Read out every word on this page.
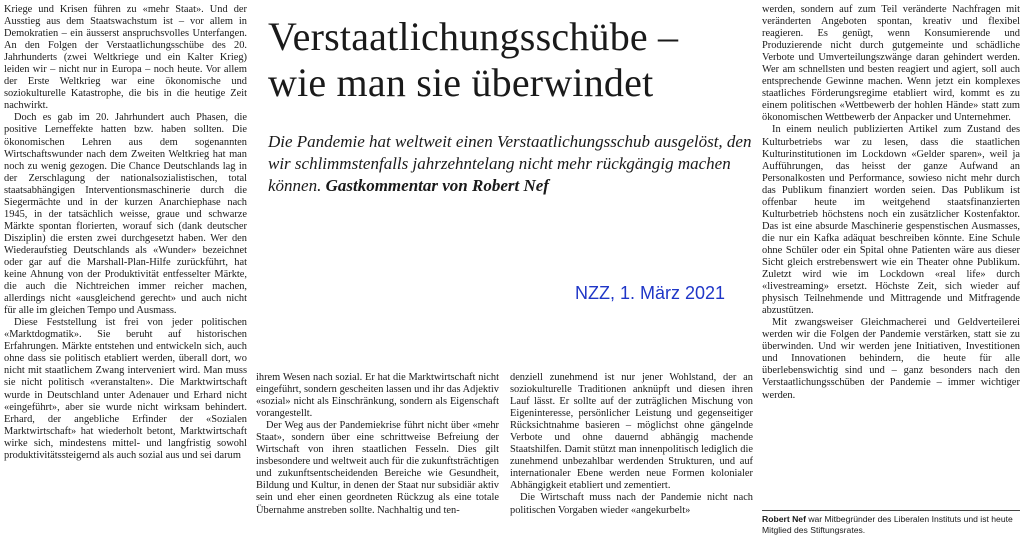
Kriege und Krisen führen zu «mehr Staat». Und der Ausstieg aus dem Staatswachstum ist – vor allem in Demokratien – ein äusserst anspruchsvolles Unterfangen. An den Folgen der Verstaatlichungsschübe des 20. Jahrhunderts (zwei Weltkriege und ein Kalter Krieg) leiden wir – nicht nur in Europa – noch heute. Vor allem der Erste Weltkrieg war eine ökonomische und soziokulturelle Katastrophe, die bis in die heutige Zeit nachwirkt.

Doch es gab im 20. Jahrhundert auch Phasen, die positive Lerneffekte hatten bzw. haben sollten. Die ökonomischen Lehren aus dem sogenannten Wirtschaftswunder nach dem Zweiten Weltkrieg hat man noch zu wenig gezogen. Die Chance Deutschlands lag in der Zerschlagung der nationalsozialistischen, total staatsabhängigen Interventionsmaschinerie durch die Siegermächte und in der kurzen Anarchiephase nach 1945, in der tatsächlich weisse, graue und schwarze Märkte spontan florierten, worauf sich (dank deutscher Disziplin) die ersten zwei durchgesetzt haben. Wer den Wiederaufstieg Deutschlands als «Wunder» bezeichnet oder gar auf die Marshall-Plan-Hilfe zurückführt, hat keine Ahnung von der Produktivität entfesselter Märkte, die auch die Nichtreichen immer reicher machen, allerdings nicht «ausgleichend gerecht» und auch nicht für alle im gleichen Tempo und Ausmass.

Diese Feststellung ist frei von jeder politischen «Marktdogmatik». Sie beruht auf historischen Erfahrungen. Märkte entstehen und entwickeln sich, auch ohne dass sie politisch etabliert werden, überall dort, wo nicht mit staatlichem Zwang interveniert wird. Man muss sie nicht politisch «veranstalten». Die Marktwirtschaft wurde in Deutschland unter Adenauer und Erhard nicht «eingeführt», aber sie wurde nicht wirksam behindert. Erhard, der angebliche Erfinder der «Sozialen Marktwirtschaft» hat wiederholt betont, Marktwirtschaft wirke sich, mindestens mittel- und langfristig sowohl produktivitätssteigernd als auch sozial aus und sei darum

Verstaatlichungsschübe –
wie man sie überwindet

Die Pandemie hat weltweit einen Verstaatlichungsschub ausgelöst, den wir schlimmstenfalls jahrzehntelang nicht mehr rückgängig machen können. Gastkommentar von Robert Nef

NZZ, 1. März 2021

ihrem Wesen nach sozial. Er hat die Marktwirtschaft nicht eingeführt, sondern gescheiten lassen und ihr das Adjektiv «sozial» nicht als Einschränkung, sondern als Eigenschaft vorangestellt.

Der Weg aus der Pandemiekrise führt nicht über «mehr Staat», sondern über eine schrittweise Befreiung der Wirtschaft von ihren staatlichen Fesseln. Dies gilt insbesondere und weltweit auch für die zukunftsträchtigen und zukunftsentscheidenden Bereiche wie Gesundheit, Bildung und Kultur, in denen der Staat nur subsidiär aktiv sein und eher einen geordneten Rückzug als eine totale Übernahme anstreben sollte. Nachhaltig und ten-

denziell zunehmend ist nur jener Wohlstand, der an soziokulturelle Traditionen anknüpft und diesen ihren Lauf lässt. Er sollte auf der zuträglichen Mischung von Eigeninteresse, persönlicher Leistung und gegenseitiger Rücksichtnahme basieren – möglichst ohne gängelnde Verbote und ohne dauernd abhängig machende Staatshilfen. Damit stützt man innenpolitisch lediglich die zunehmend unbezahlbar werdenden Strukturen, und auf internationaler Ebene werden neue Formen kolonialer Abhängigkeit etabliert und zementiert.

Die Wirtschaft muss nach der Pandemie nicht nach politischen Vorgaben wieder «angekurbelt»

werden, sondern auf zum Teil veränderte Nachfragen mit veränderten Angeboten spontan, kreativ und flexibel reagieren. Es genügt, wenn Konsumierende und Produzierende nicht durch gutgemeinte und schädliche Verbote und Umverteilungszwänge daran gehindert werden. Wer am schnellsten und besten reagiert und agiert, soll auch entsprechende Gewinne machen. Wenn jetzt ein komplexes staatliches Förderungsregime etabliert wird, kommt es zu einem politischen «Wettbewerb der hohlen Hände» statt zum ökonomischen Wettbewerb der Anpacker und Unternehmer.

In einem neulich publizierten Artikel zum Zustand des Kulturbetriebs war zu lesen, dass die staatlichen Kulturinstitutionen im Lockdown «Gelder sparen», weil ja Aufführungen, das heisst der ganze Aufwand an Personalkosten und Performance, sowieso nicht mehr durch das Publikum finanziert worden seien. Das Publikum ist offenbar heute im weitgehend staatsfinanzierten Kulturbetrieb höchstens noch ein zusätzlicher Kostenfaktor. Das ist eine absurde Maschinerie gespenstischen Ausmasses, die nur ein Kafka adäquat beschreiben könnte. Eine Schule ohne Schüler oder ein Spital ohne Patienten wäre aus dieser Sicht gleich erstrebenswert wie ein Theater ohne Publikum. Zuletzt wird wie im Lockdown «real life» durch «livestreaming» ersetzt. Höchste Zeit, sich wieder auf physisch Teilnehmende und Mittragende und Mitfragende abzustützen.

Mit zwangsweiser Gleichmacherei und Geldverteilerei werden wir die Folgen der Pandemie verstärken, statt sie zu überwinden. Und wir werden jene Initiativen, Investitionen und Innovationen behindern, die heute für alle überlebenswichtig sind und – ganz besonders nach den Verstaatlichungsschüben der Pandemie – immer wichtiger werden.

Robert Nef war Mitbegründer des Liberalen Instituts und ist heute Mitglied des Stiftungsrates.
